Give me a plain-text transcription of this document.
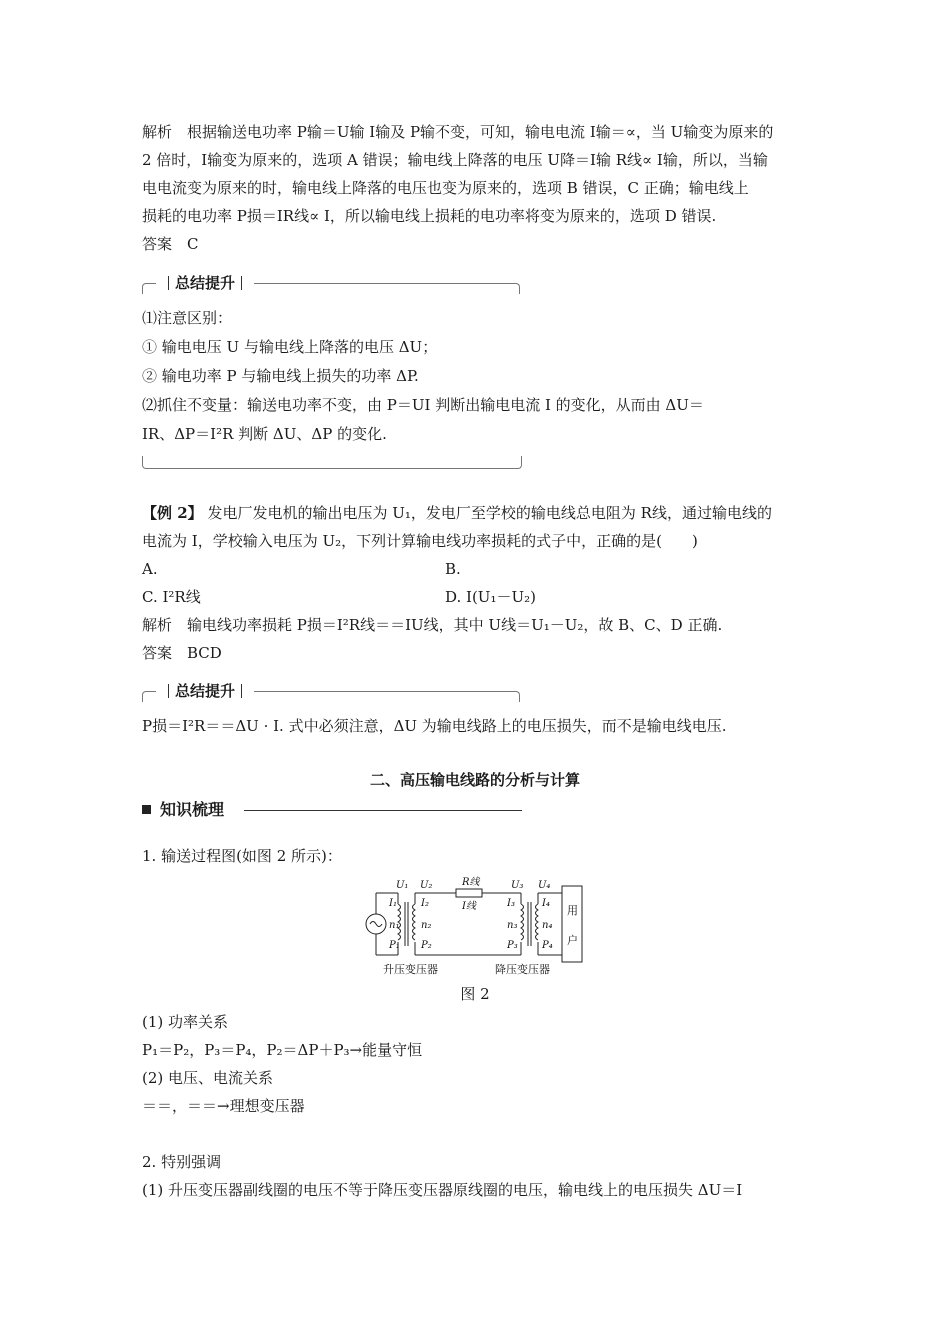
解析　根据输送电功率 P输＝U输 I输及 P输不变，可知，输电电流 I输＝∝，当 U输变为原来的
2 倍时，I输变为原来的，选项 A 错误；输电线上降落的电压 U降＝I输 R线∝ I输，所以，当输
电电流变为原来的时，输电线上降落的电压也变为原来的，选项 B 错误，C 正确；输电线上
损耗的电功率 P损＝IR线∝ I，所以输电线上损耗的电功率将变为原来的，选项 D 错误.
答案　C
总结提升
⑴注意区别：
① 输电电压 U 与输电线上降落的电压 ΔU；
② 输电功率 P 与输电线上损失的功率 ΔP.
⑵抓住不变量：输送电功率不变，由 P＝UI 判断出输电电流 I 的变化，从而由 ΔU＝
IR、ΔP＝I²R 判断 ΔU、ΔP 的变化.
【例 2】 发电厂发电机的输出电压为 U₁，发电厂至学校的输电线总电阻为 R线，通过输电线的
电流为 I，学校输入电压为 U₂，下列计算输电线功率损耗的式子中，正确的是(　　)
A.	B.
C. I²R线	D. I(U₁－U₂)
解析　输电线功率损耗 P损＝I²R线＝＝IU线，其中 U线＝U₁－U₂，故 B、C、D 正确.
答案　BCD
总结提升
P损＝I²R＝＝ΔU · I. 式中必须注意，ΔU 为输电线路上的电压损失，而不是输电线电压.
二、高压输电线路的分析与计算
知识梳理
1. 输送过程图(如图 2 所示)：
U₁ U₂	R线
I线
U₃ U₄
I₁
n₁
P₁
I₂
n₂
P₂
I₃
n₃
P₃
I₄
n₄
P₄
用
户
升压变压器	降压变压器
图 2
(1) 功率关系
P₁＝P₂，P₃＝P₄，P₂＝ΔP＋P₃→能量守恒
(2) 电压、电流关系
＝＝，＝＝→理想变压器
2. 特别强调
(1) 升压变压器副线圈的电压不等于降压变压器原线圈的电压，输电线上的电压损失 ΔU＝I
